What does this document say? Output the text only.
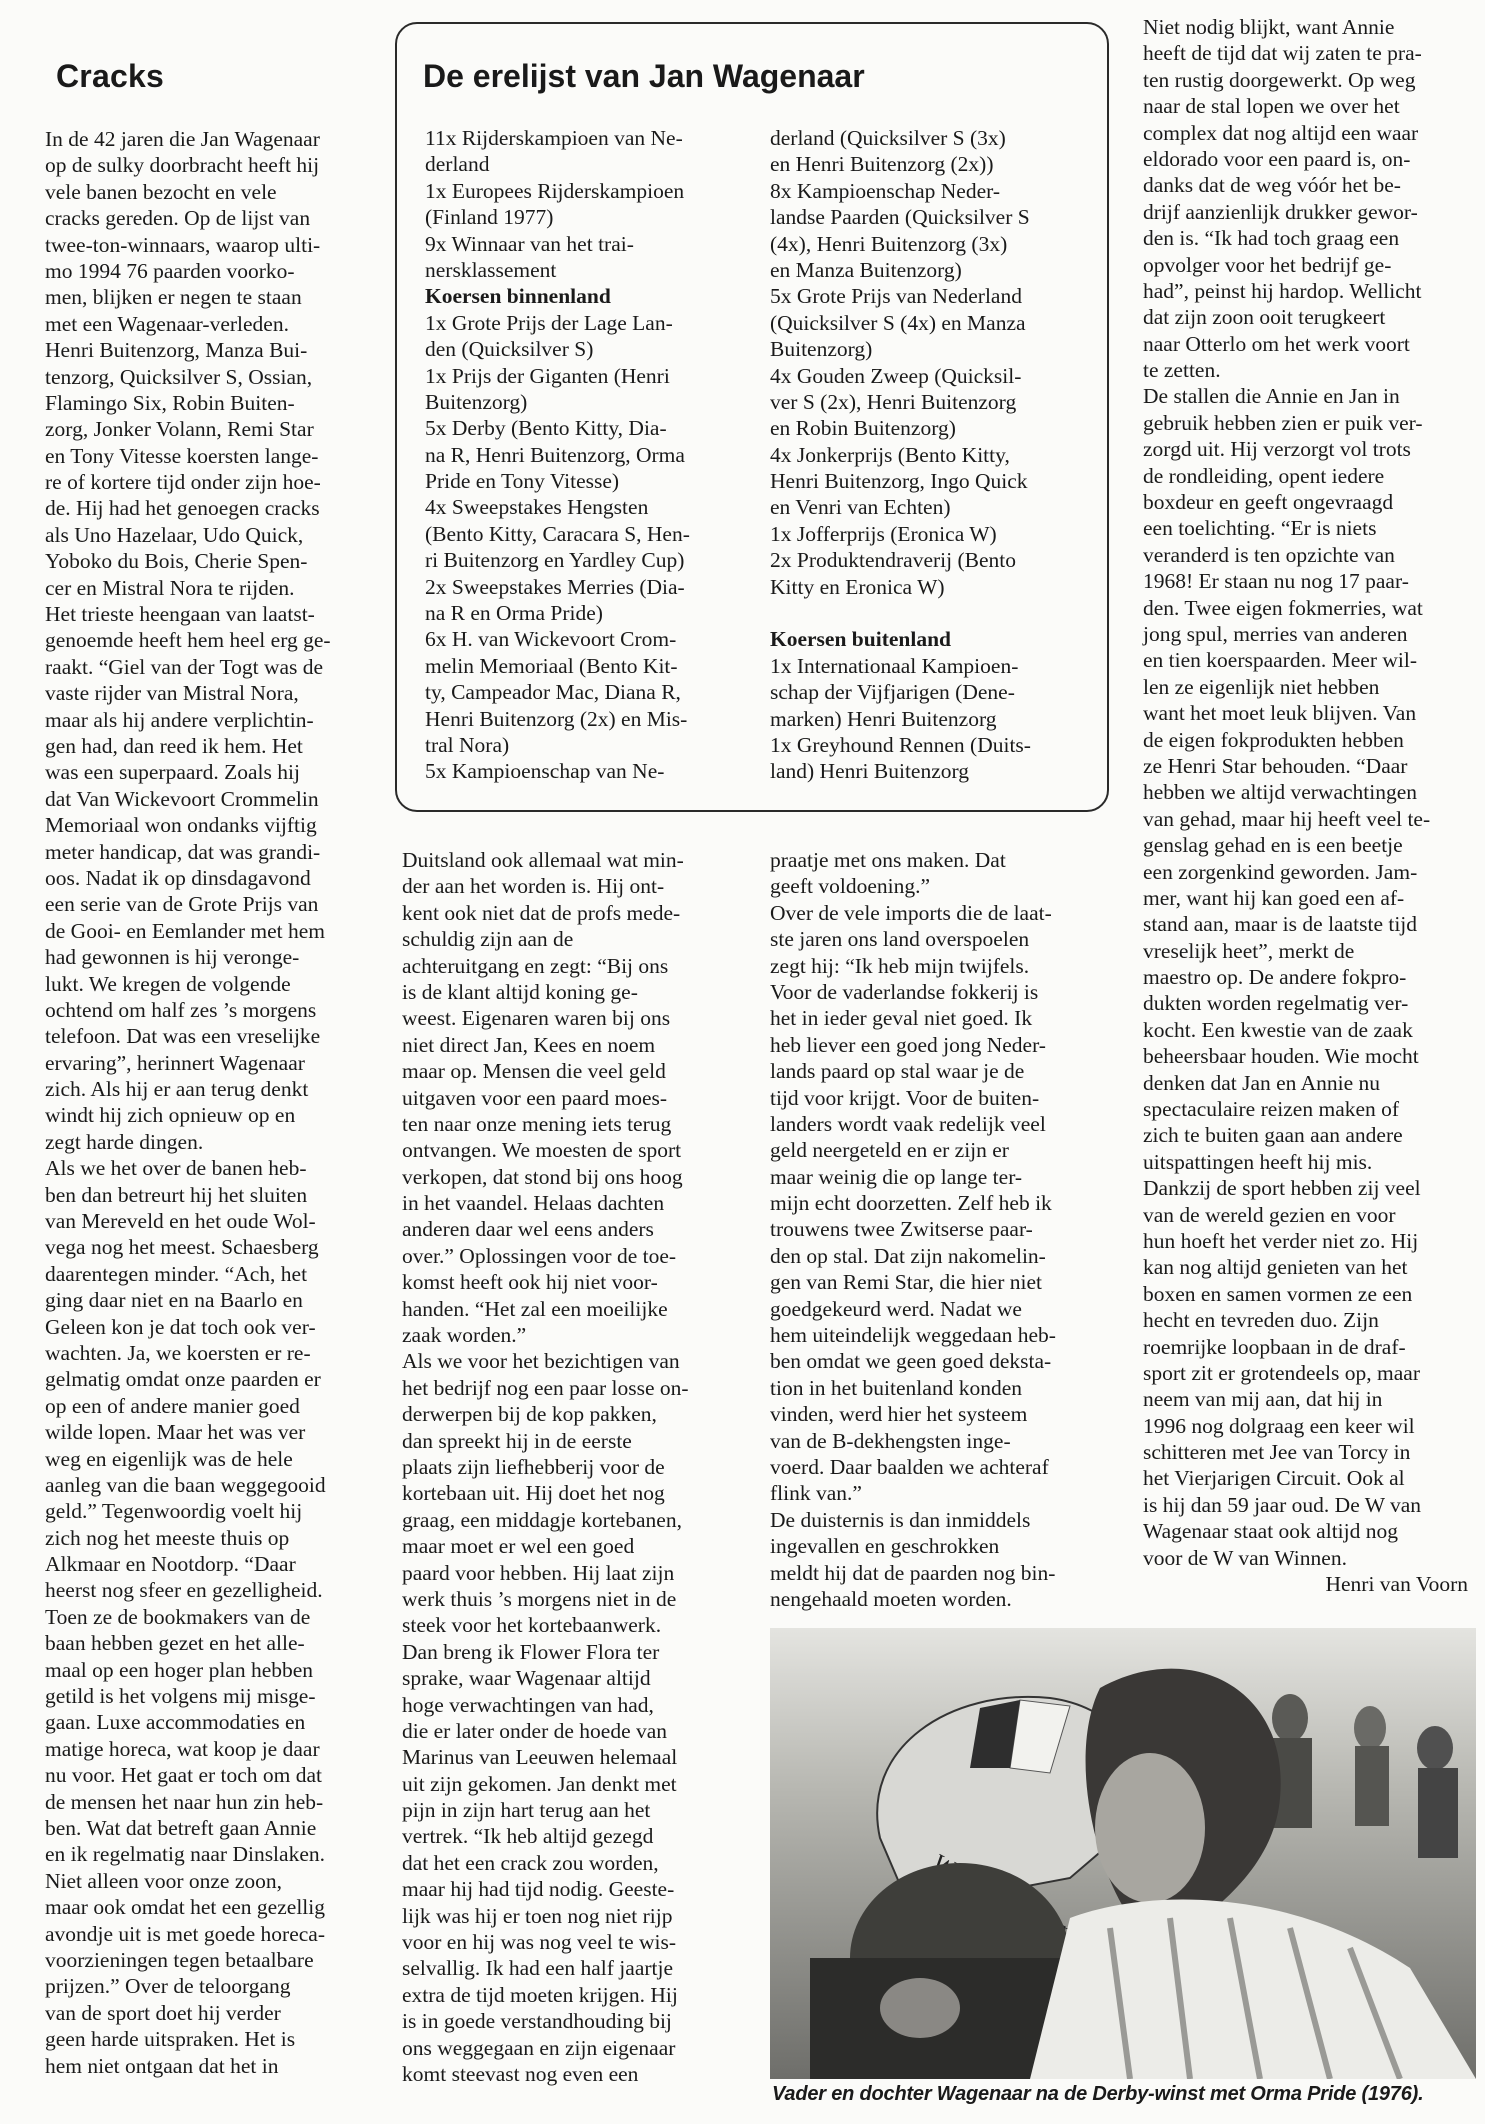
Cracks
In de 42 jaren die Jan Wagenaar
op de sulky doorbracht heeft hij
vele banen bezocht en vele
cracks gereden. Op de lijst van
twee-ton-winnaars, waarop ulti-
mo 1994 76 paarden voorko-
men, blijken er negen te staan
met een Wagenaar-verleden.
Henri Buitenzorg, Manza Bui-
tenzorg, Quicksilver S, Ossian,
Flamingo Six, Robin Buiten-
zorg, Jonker Volann, Remi Star
en Tony Vitesse koersten lange-
re of kortere tijd onder zijn hoe-
de. Hij had het genoegen cracks
als Uno Hazelaar, Udo Quick,
Yoboko du Bois, Cherie Spen-
cer en Mistral Nora te rijden.
Het trieste heengaan van laatst-
genoemde heeft hem heel erg ge-
raakt. “Giel van der Togt was de
vaste rijder van Mistral Nora,
maar als hij andere verplichtin-
gen had, dan reed ik hem. Het
was een superpaard. Zoals hij
dat Van Wickevoort Crommelin
Memoriaal won ondanks vijftig
meter handicap, dat was grandi-
oos. Nadat ik op dinsdagavond
een serie van de Grote Prijs van
de Gooi- en Eemlander met hem
had gewonnen is hij veronge-
lukt. We kregen de volgende
ochtend om half zes ’s morgens
telefoon. Dat was een vreselijke
ervaring”, herinnert Wagenaar
zich. Als hij er aan terug denkt
windt hij zich opnieuw op en
zegt harde dingen.
Als we het over de banen heb-
ben dan betreurt hij het sluiten
van Mereveld en het oude Wol-
vega nog het meest. Schaesberg
daarentegen minder. “Ach, het
ging daar niet en na Baarlo en
Geleen kon je dat toch ook ver-
wachten. Ja, we koersten er re-
gelmatig omdat onze paarden er
op een of andere manier goed
wilde lopen. Maar het was ver
weg en eigenlijk was de hele
aanleg van die baan weggegooid
geld.” Tegenwoordig voelt hij
zich nog het meeste thuis op
Alkmaar en Nootdorp. “Daar
heerst nog sfeer en gezelligheid.
Toen ze de bookmakers van de
baan hebben gezet en het alle-
maal op een hoger plan hebben
getild is het volgens mij misge-
gaan. Luxe accommodaties en
matige horeca, wat koop je daar
nu voor. Het gaat er toch om dat
de mensen het naar hun zin heb-
ben. Wat dat betreft gaan Annie
en ik regelmatig naar Dinslaken.
Niet alleen voor onze zoon,
maar ook omdat het een gezellig
avondje uit is met goede horeca-
voorzieningen tegen betaalbare
prijzen.” Over de teloorgang
van de sport doet hij verder
geen harde uitspraken. Het is
hem niet ontgaan dat het in
De erelijst van Jan Wagenaar
11x Rijderskampioen van Ne-
derland
1x Europees Rijderskampioen
(Finland 1977)
9x Winnaar van het trai-
nersklassement
Koersen binnenland
1x Grote Prijs der Lage Lan-
den (Quicksilver S)
1x Prijs der Giganten (Henri
Buitenzorg)
5x Derby (Bento Kitty, Dia-
na R, Henri Buitenzorg, Orma
Pride en Tony Vitesse)
4x Sweepstakes Hengsten
(Bento Kitty, Caracara S, Hen-
ri Buitenzorg en Yardley Cup)
2x Sweepstakes Merries (Dia-
na R en Orma Pride)
6x H. van Wickevoort Crom-
melin Memoriaal (Bento Kit-
ty, Campeador Mac, Diana R,
Henri Buitenzorg (2x) en Mis-
tral Nora)
5x Kampioenschap van Ne-
derland (Quicksilver S (3x)
en Henri Buitenzorg (2x))
8x Kampioenschap Neder-
landse Paarden (Quicksilver S
(4x), Henri Buitenzorg (3x)
en Manza Buitenzorg)
5x Grote Prijs van Nederland
(Quicksilver S (4x) en Manza
Buitenzorg)
4x Gouden Zweep (Quicksil-
ver S (2x), Henri Buitenzorg
en Robin Buitenzorg)
4x Jonkerprijs (Bento Kitty,
Henri Buitenzorg, Ingo Quick
en Venri van Echten)
1x Jofferprijs (Eronica W)
2x Produktendraverij (Bento
Kitty en Eronica W)
Koersen buitenland
1x Internationaal Kampioen-
schap der Vijfjarigen (Dene-
marken) Henri Buitenzorg
1x Greyhound Rennen (Duits-
land) Henri Buitenzorg
Duitsland ook allemaal wat min-
der aan het worden is. Hij ont-
kent ook niet dat de profs mede-
schuldig zijn aan de
achteruitgang en zegt: “Bij ons
is de klant altijd koning ge-
weest. Eigenaren waren bij ons
niet direct Jan, Kees en noem
maar op. Mensen die veel geld
uitgaven voor een paard moes-
ten naar onze mening iets terug
ontvangen. We moesten de sport
verkopen, dat stond bij ons hoog
in het vaandel. Helaas dachten
anderen daar wel eens anders
over.” Oplossingen voor de toe-
komst heeft ook hij niet voor-
handen. “Het zal een moeilijke
zaak worden.”
Als we voor het bezichtigen van
het bedrijf nog een paar losse on-
derwerpen bij de kop pakken,
dan spreekt hij in de eerste
plaats zijn liefhebberij voor de
kortebaan uit. Hij doet het nog
graag, een middagje kortebanen,
maar moet er wel een goed
paard voor hebben. Hij laat zijn
werk thuis ’s morgens niet in de
steek voor het kortebaanwerk.
Dan breng ik Flower Flora ter
sprake, waar Wagenaar altijd
hoge verwachtingen van had,
die er later onder de hoede van
Marinus van Leeuwen helemaal
uit zijn gekomen. Jan denkt met
pijn in zijn hart terug aan het
vertrek. “Ik heb altijd gezegd
dat het een crack zou worden,
maar hij had tijd nodig. Geeste-
lijk was hij er toen nog niet rijp
voor en hij was nog veel te wis-
selvallig. Ik had een half jaartje
extra de tijd moeten krijgen. Hij
is in goede verstandhouding bij
ons weggegaan en zijn eigenaar
komt steevast nog even een
praatje met ons maken. Dat
geeft voldoening.”
Over de vele imports die de laat-
ste jaren ons land overspoelen
zegt hij: “Ik heb mijn twijfels.
Voor de vaderlandse fokkerij is
het in ieder geval niet goed. Ik
heb liever een goed jong Neder-
lands paard op stal waar je de
tijd voor krijgt. Voor de buiten-
landers wordt vaak redelijk veel
geld neergeteld en er zijn er
maar weinig die op lange ter-
mijn echt doorzetten. Zelf heb ik
trouwens twee Zwitserse paar-
den op stal. Dat zijn nakomelin-
gen van Remi Star, die hier niet
goedgekeurd werd. Nadat we
hem uiteindelijk weggedaan heb-
ben omdat we geen goed deksta-
tion in het buitenland konden
vinden, werd hier het systeem
van de B-dekhengsten inge-
voerd. Daar baalden we achteraf
flink van.”
De duisternis is dan inmiddels
ingevallen en geschrokken
meldt hij dat de paarden nog bin-
nengehaald moeten worden.
Niet nodig blijkt, want Annie
heeft de tijd dat wij zaten te pra-
ten rustig doorgewerkt. Op weg
naar de stal lopen we over het
complex dat nog altijd een waar
eldorado voor een paard is, on-
danks dat de weg vóór het be-
drijf aanzienlijk drukker gewor-
den is. “Ik had toch graag een
opvolger voor het bedrijf ge-
had”, peinst hij hardop. Wellicht
dat zijn zoon ooit terugkeert
naar Otterlo om het werk voort
te zetten.
De stallen die Annie en Jan in
gebruik hebben zien er puik ver-
zorgd uit. Hij verzorgt vol trots
de rondleiding, opent iedere
boxdeur en geeft ongevraagd
een toelichting. “Er is niets
veranderd is ten opzichte van
1968! Er staan nu nog 17 paar-
den. Twee eigen fokmerries, wat
jong spul, merries van anderen
en tien koerspaarden. Meer wil-
len ze eigenlijk niet hebben
want het moet leuk blijven. Van
de eigen fokprodukten hebben
ze Henri Star behouden. “Daar
hebben we altijd verwachtingen
van gehad, maar hij heeft veel te-
genslag gehad en is een beetje
een zorgenkind geworden. Jam-
mer, want hij kan goed een af-
stand aan, maar is de laatste tijd
vreselijk heet”, merkt de
maestro op. De andere fokpro-
dukten worden regelmatig ver-
kocht. Een kwestie van de zaak
beheersbaar houden. Wie mocht
denken dat Jan en Annie nu
spectaculaire reizen maken of
zich te buiten gaan aan andere
uitspattingen heeft hij mis.
Dankzij de sport hebben zij veel
van de wereld gezien en voor
hun hoeft het verder niet zo. Hij
kan nog altijd genieten van het
boxen en samen vormen ze een
hecht en tevreden duo. Zijn
roemrijke loopbaan in de draf-
sport zit er grotendeels op, maar
neem van mij aan, dat hij in
1996 nog dolgraag een keer wil
schitteren met Jee van Torcy in
het Vierjarigen Circuit. Ook al
is hij dan 59 jaar oud. De W van
Wagenaar staat ook altijd nog
voor de W van Winnen.
Henri van Voorn
Vader en dochter Wagenaar na de Derby-winst met Orma Pride (1976).
